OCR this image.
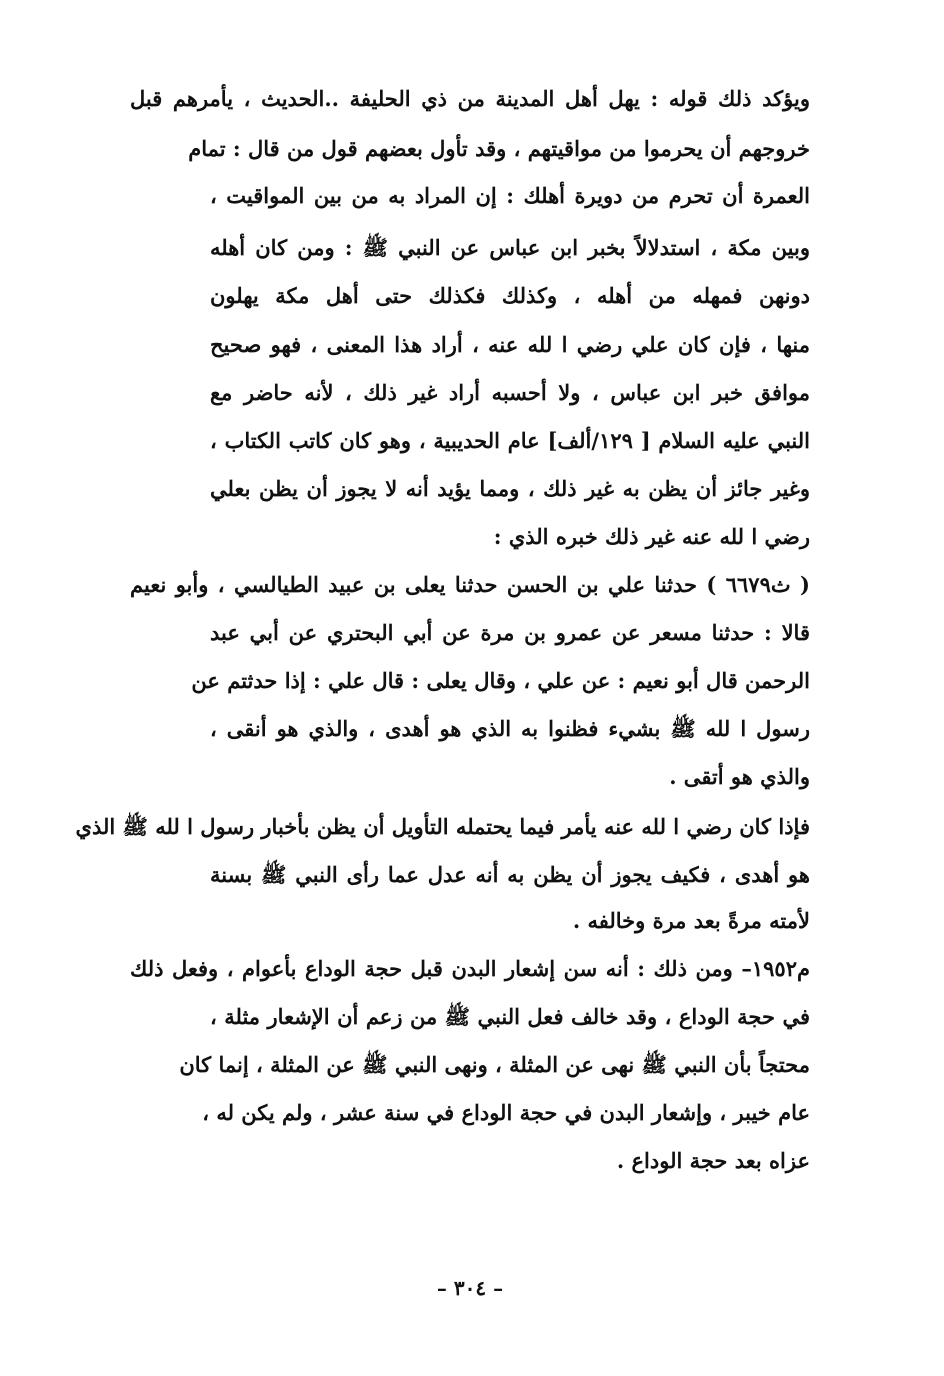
ويؤكد ذلك قوله : يهل أهل المدينة من ذي الحليفة ..الحديث ، يأمرهم قبل
خروجهم أن يحرموا من مواقيتهم ، وقد تأول بعضهم قول من قال : تمام
العمرة أن تحرم من دويرة أهلك : إن المراد به من بين المواقيت ،
وبين مكة ، استدلالاً بخبر ابن عباس عن النبي ﷺ : ومن كان أهله
دونهن فمهله من أهله ، وكذلك فكذلك حتى أهل مكة يهلون
منها ، فإن كان علي رضي ا لله عنه ، أراد هذا المعنى ، فهو صحيح
موافق خبر ابن عباس ، ولا أحسبه أراد غير ذلك ، لأنه حاضر مع
النبي عليه السلام [ ١٢٩/ألف] عام الحديبية ، وهو كان كاتب الكتاب ،
وغير جائز أن يظن به غير ذلك ، ومما يؤيد أنه لا يجوز أن يظن بعلي
رضي ا لله عنه غير ذلك خبره الذي :
( ث٦٦٧٩ ) حدثنا علي بن الحسن حدثنا يعلى بن عبيد الطيالسي ، وأبو نعيم
قالا : حدثنا مسعر عن عمرو بن مرة عن أبي البحتري عن أبي عبد
الرحمن قال أبو نعيم : عن علي ، وقال يعلى : قال علي : إذا حدثتم عن
رسول ا لله ﷺ بشيء فظنوا به الذي هو أهدى ، والذي هو أنقى ،
والذي هو أتقى .
فإذا كان رضي ا لله عنه يأمر فيما يحتمله التأويل أن يظن بأخبار رسول ا لله ﷺ الذي
هو أهدى ، فكيف يجوز أن يظن به أنه عدل عما رأى النبي ﷺ بسنة
لأمته مرةً بعد مرة وخالفه .
م١٩٥٢– ومن ذلك : أنه سن إشعار البدن قبل حجة الوداع بأعوام ، وفعل ذلك
في حجة الوداع ، وقد خالف فعل النبي ﷺ من زعم أن الإشعار مثلة ،
محتجاً بأن النبي ﷺ نهى عن المثلة ، ونهى النبي ﷺ عن المثلة ، إنما كان
عام خيبر ، وإشعار البدن في حجة الوداع في سنة عشر ، ولم يكن له ،
عزاه بعد حجة الوداع .
– ٣٠٤ –
